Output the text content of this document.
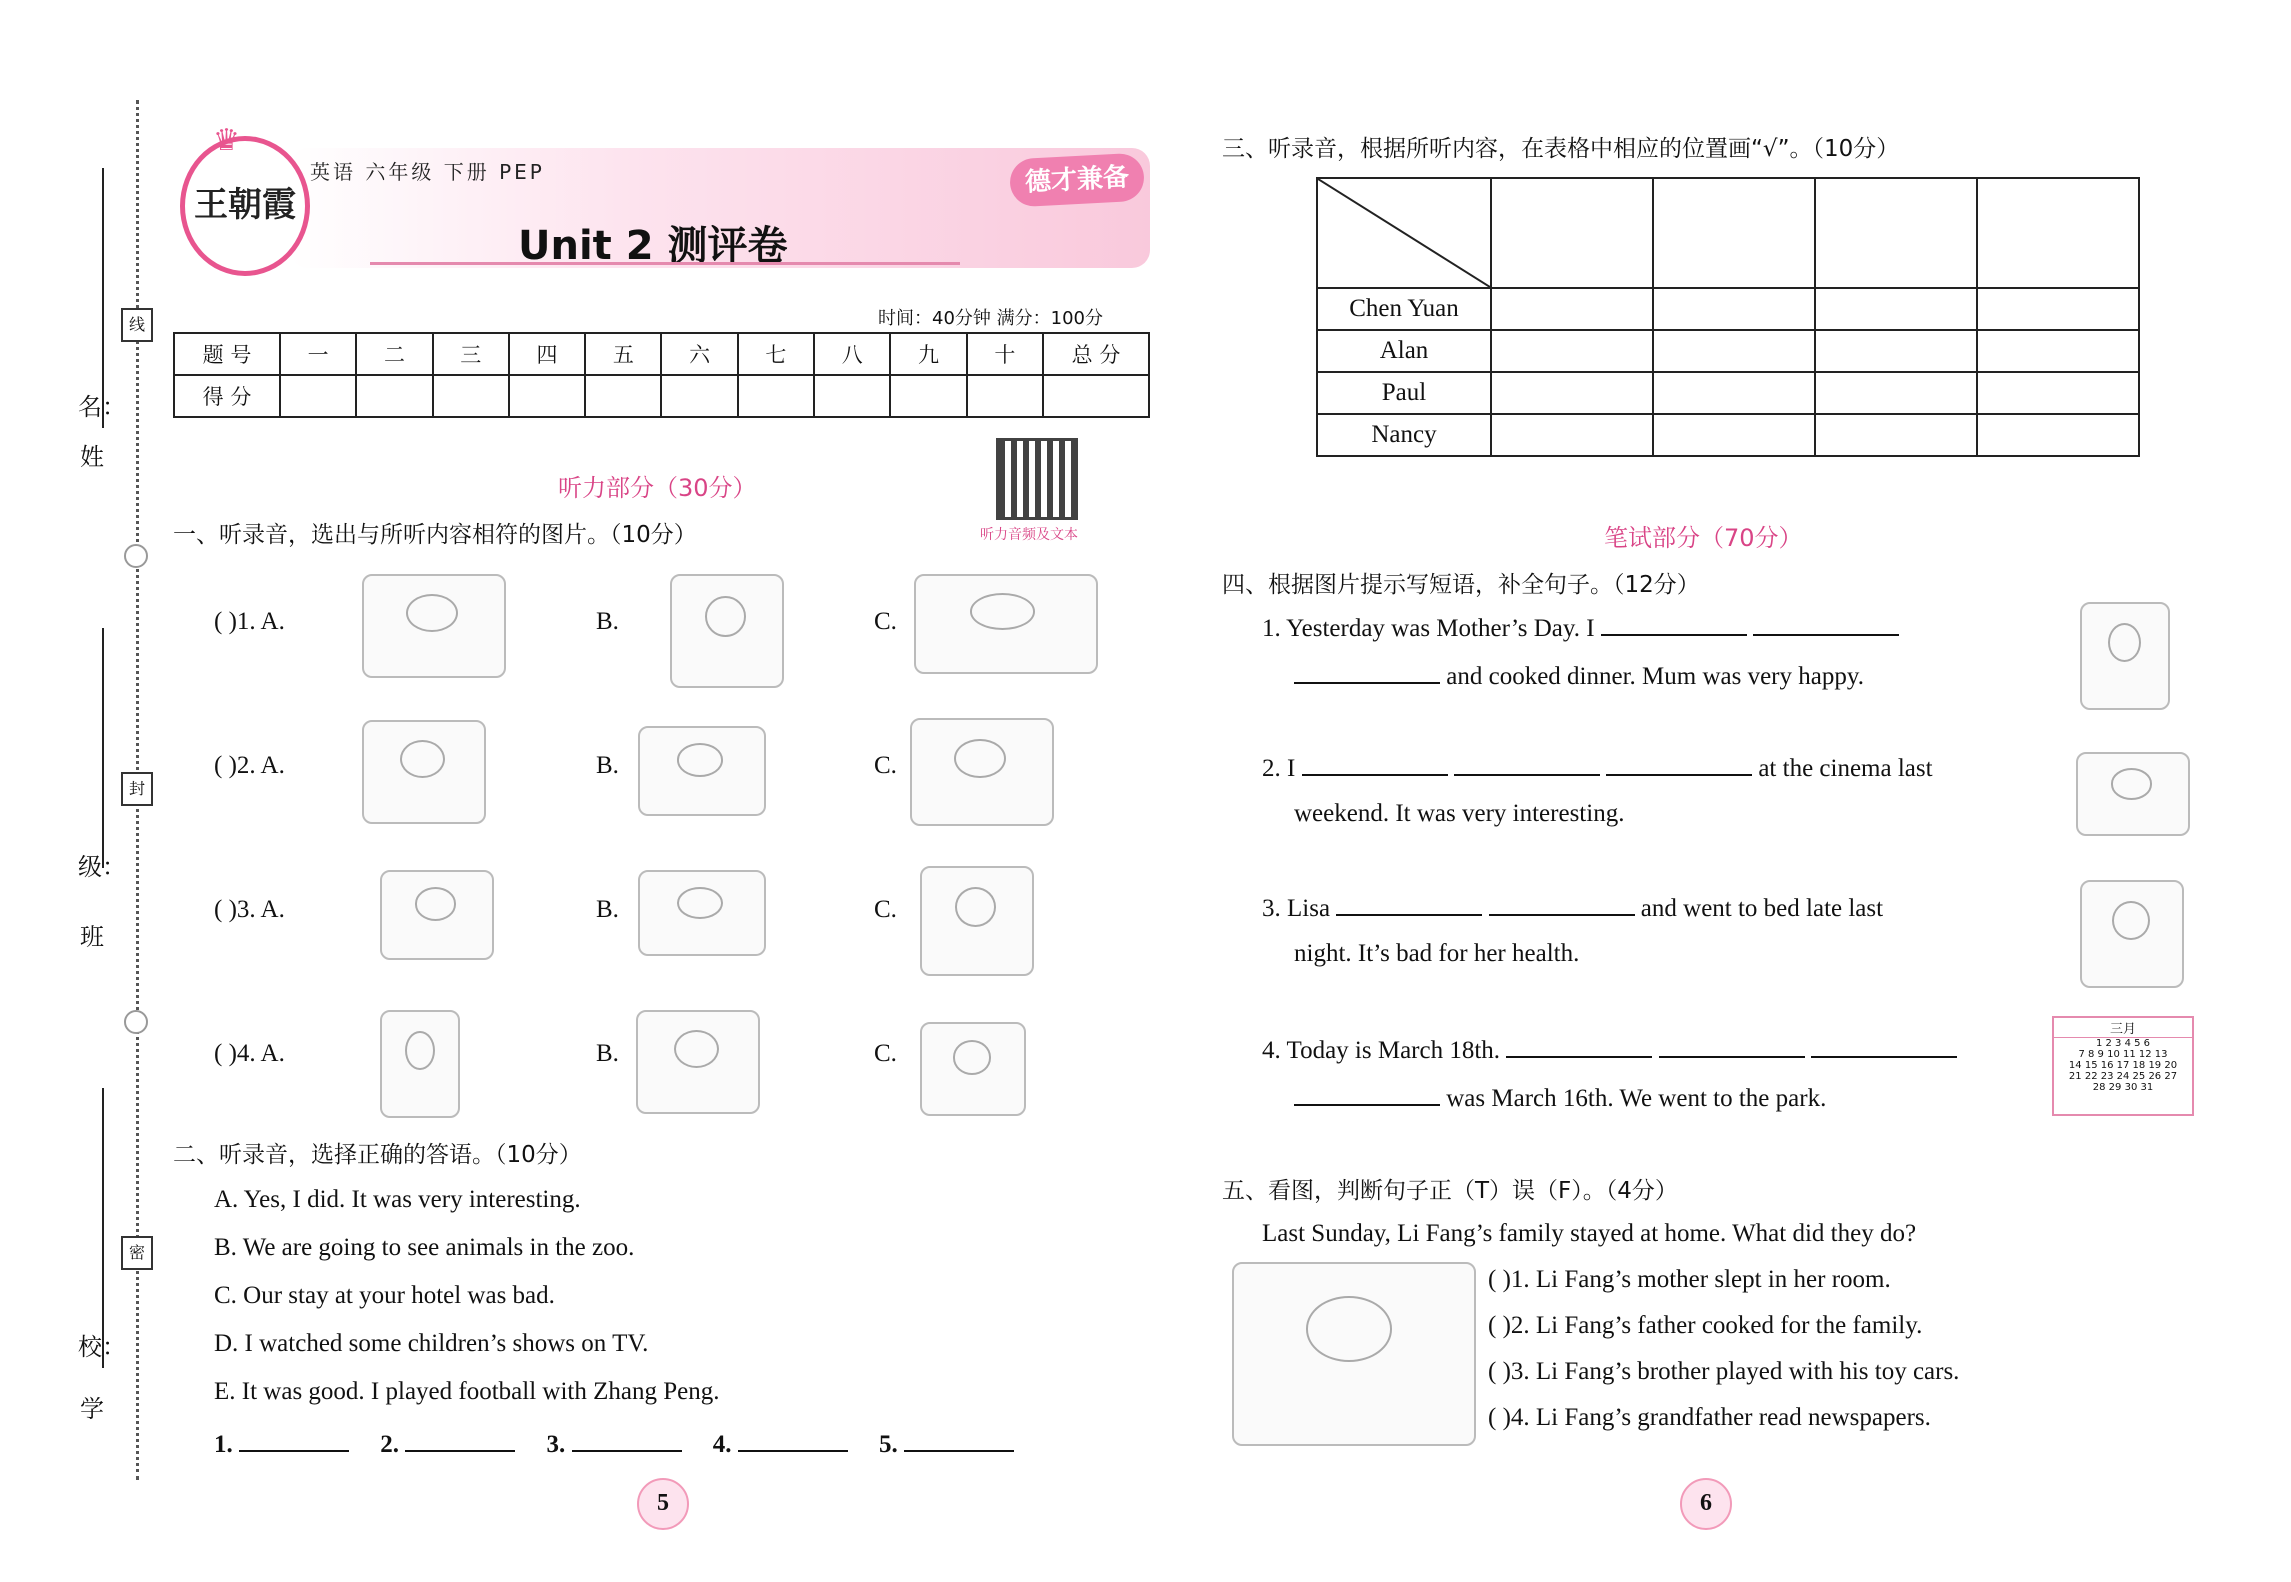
姓
名：
班
级：
学
校：
线
封
密
♛
王朝霞
英语 六年级 下册 PEP
Unit 2 测评卷
德才兼备
时间：40分钟 满分：100分
题 号	一	二	三	四	五	六	七	八	九	十	总 分
得 分											
听力部分（30分）
听力音频及文本
一、听录音，选出与所听内容相符的图片。（10分）
( )1. A.	B.	C.
( )2. A.	B.	C.
( )3. A.	B.	C.
( )4. A.	B.	C.
二、听录音，选择正确的答语。（10分）
A. Yes, I did. It was very interesting.
B. We are going to see animals in the zoo.
C. Our stay at your hotel was bad.
D. I watched some children’s shows on TV.
E. It was good. I played football with Zhang Peng.
1.	2.	3.	4.	5.
5
三、听录音，根据所听内容，在表格中相应的位置画“√”。（10分）

Chen Yuan				
Alan				
Paul				
Nancy				
笔试部分（70分）
四、根据图片提示写短语，补全句子。（12分）
1. Yesterday was Mother’s Day. I
and cooked dinner. Mum was very happy.
2. I	at the cinema last
weekend. It was very interesting.
3. Lisa	and went to bed late last
night. It’s bad for her health.
4. Today is March 18th.
was March 16th. We went to the park.
三月
1 2 3 4 5 6
7 8 9 10 11 12 13
14 15 16 17 18 19 20
21 22 23 24 25 26 27
28 29 30 31
五、看图，判断句子正（T）误（F）。（4分）
Last Sunday, Li Fang’s family stayed at home. What did they do?
( )1. Li Fang’s mother slept in her room.
( )2. Li Fang’s father cooked for the family.
( )3. Li Fang’s brother played with his toy cars.
( )4. Li Fang’s grandfather read newspapers.
6
